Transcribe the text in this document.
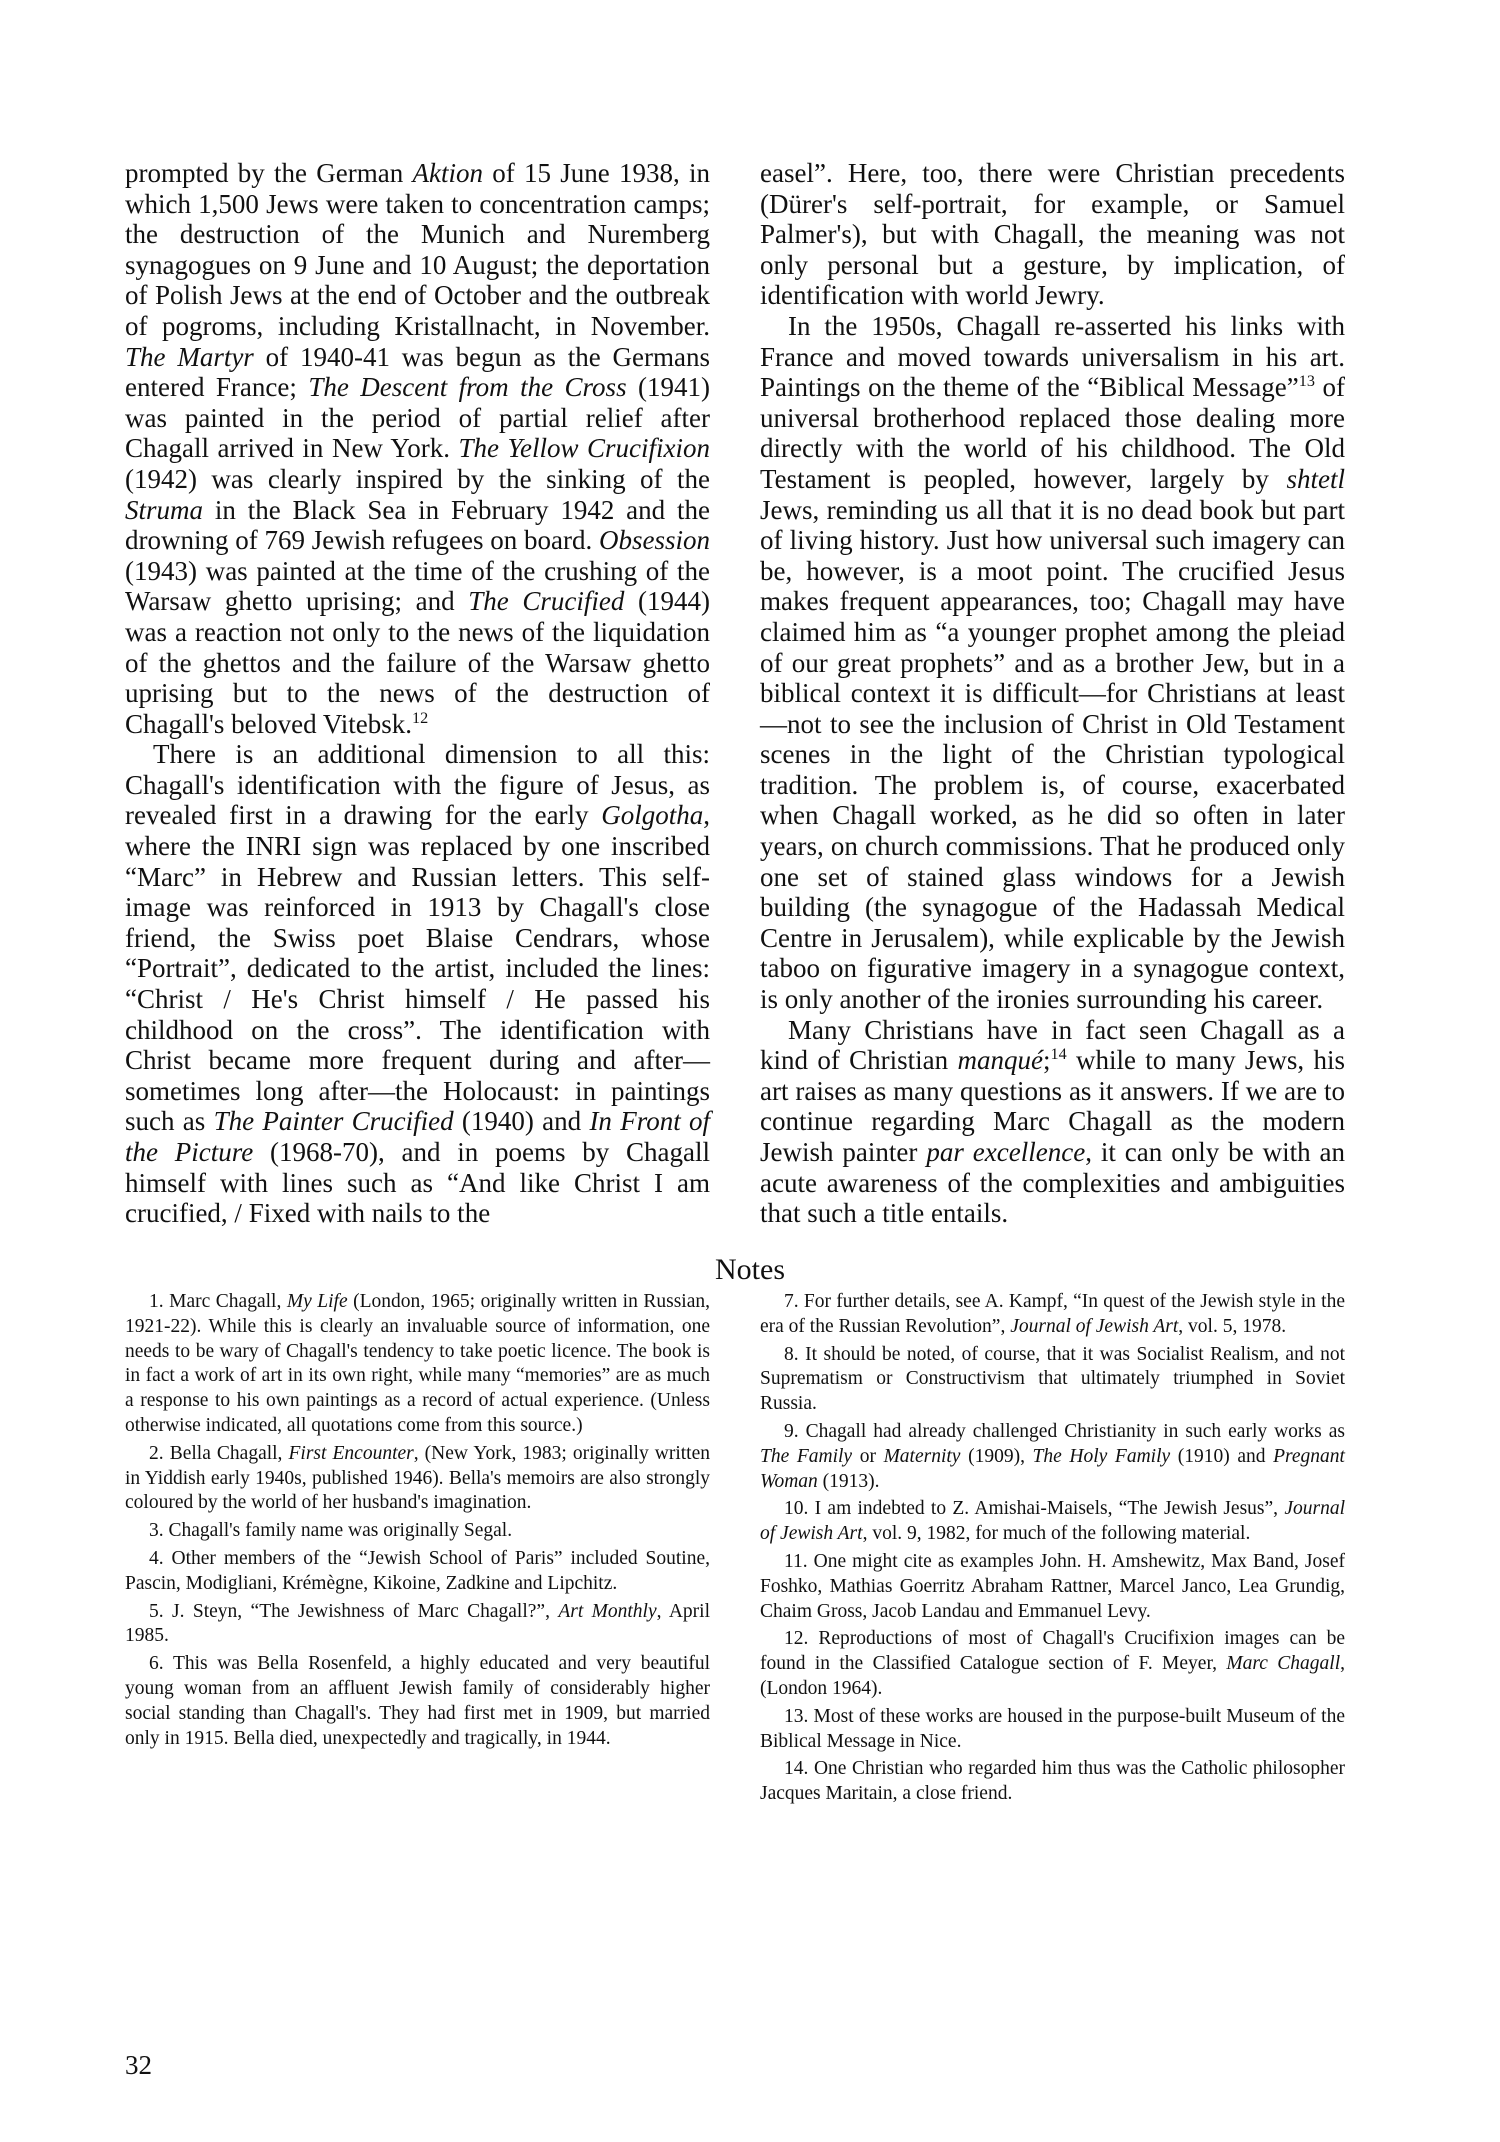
prompted by the German Aktion of 15 June 1938, in which 1,500 Jews were taken to concentration camps; the destruction of the Munich and Nuremberg synagogues on 9 June and 10 August; the deportation of Polish Jews at the end of October and the outbreak of pogroms, including Kristallnacht, in November. The Martyr of 1940-41 was begun as the Germans entered France; The Descent from the Cross (1941) was painted in the period of partial relief after Chagall arrived in New York. The Yellow Crucifixion (1942) was clearly inspired by the sinking of the Struma in the Black Sea in February 1942 and the drowning of 769 Jewish refugees on board. Obsession (1943) was painted at the time of the crushing of the Warsaw ghetto uprising; and The Crucified (1944) was a reaction not only to the news of the liquidation of the ghettos and the failure of the Warsaw ghetto uprising but to the news of the destruction of Chagall's beloved Vitebsk.$^{12}$

There is an additional dimension to all this: Chagall's identification with the figure of Jesus, as revealed first in a drawing for the early Golgotha, where the INRI sign was replaced by one inscribed “Marc” in Hebrew and Russian letters. This self-image was reinforced in 1913 by Chagall's close friend, the Swiss poet Blaise Cendrars, whose “Portrait”, dedicated to the artist, included the lines: “Christ / He's Christ himself / He passed his childhood on the cross”. The identification with Christ became more frequent during and after—sometimes long after—the Holocaust: in paintings such as The Painter Crucified (1940) and In Front of the Picture (1968-70), and in poems by Chagall himself with lines such as “And like Christ I am crucified, / Fixed with nails to the

easel”. Here, too, there were Christian precedents (Dürer's self-portrait, for example, or Samuel Palmer's), but with Chagall, the meaning was not only personal but a gesture, by implication, of identification with world Jewry.

In the 1950s, Chagall re-asserted his links with France and moved towards universalism in his art. Paintings on the theme of the “Biblical Message”$^{13}$ of universal brotherhood replaced those dealing more directly with the world of his childhood. The Old Testament is peopled, however, largely by shtetl Jews, reminding us all that it is no dead book but part of living history. Just how universal such imagery can be, however, is a moot point. The crucified Jesus makes frequent appearances, too; Chagall may have claimed him as “a younger prophet among the pleiad of our great prophets” and as a brother Jew, but in a biblical context it is difficult—for Christians at least—not to see the inclusion of Christ in Old Testament scenes in the light of the Christian typological tradition. The problem is, of course, exacerbated when Chagall worked, as he did so often in later years, on church commissions. That he produced only one set of stained glass windows for a Jewish building (the synagogue of the Hadassah Medical Centre in Jerusalem), while explicable by the Jewish taboo on figurative imagery in a synagogue context, is only another of the ironies surrounding his career.

Many Christians have in fact seen Chagall as a kind of Christian manqué;$^{14}$ while to many Jews, his art raises as many questions as it answers. If we are to continue regarding Marc Chagall as the modern Jewish painter par excellence, it can only be with an acute awareness of the complexities and ambiguities that such a title entails.

Notes

1. Marc Chagall, My Life (London, 1965; originally written in Russian, 1921-22). While this is clearly an invaluable source of information, one needs to be wary of Chagall's tendency to take poetic licence. The book is in fact a work of art in its own right, while many “memories” are as much a response to his own paintings as a record of actual experience. (Unless otherwise indicated, all quotations come from this source.)

2. Bella Chagall, First Encounter, (New York, 1983; originally written in Yiddish early 1940s, published 1946). Bella's memoirs are also strongly coloured by the world of her husband's imagination.

3. Chagall's family name was originally Segal.

4. Other members of the “Jewish School of Paris” included Soutine, Pascin, Modigliani, Krémègne, Kikoine, Zadkine and Lipchitz.

5. J. Steyn, “The Jewishness of Marc Chagall?”, Art Monthly, April 1985.

6. This was Bella Rosenfeld, a highly educated and very beautiful young woman from an affluent Jewish family of considerably higher social standing than Chagall's. They had first met in 1909, but married only in 1915. Bella died, unexpectedly and tragically, in 1944.

7. For further details, see A. Kampf, “In quest of the Jewish style in the era of the Russian Revolution”, Journal of Jewish Art, vol. 5, 1978.

8. It should be noted, of course, that it was Socialist Realism, and not Suprematism or Constructivism that ultimately triumphed in Soviet Russia.

9. Chagall had already challenged Christianity in such early works as The Family or Maternity (1909), The Holy Family (1910) and Pregnant Woman (1913).

10. I am indebted to Z. Amishai-Maisels, “The Jewish Jesus”, Journal of Jewish Art, vol. 9, 1982, for much of the following material.

11. One might cite as examples John. H. Amshewitz, Max Band, Josef Foshko, Mathias Goerritz Abraham Rattner, Marcel Janco, Lea Grundig, Chaim Gross, Jacob Landau and Emmanuel Levy.

12. Reproductions of most of Chagall's Crucifixion images can be found in the Classified Catalogue section of F. Meyer, Marc Chagall, (London 1964).

13. Most of these works are housed in the purpose-built Museum of the Biblical Message in Nice.

14. One Christian who regarded him thus was the Catholic philosopher Jacques Maritain, a close friend.

32
